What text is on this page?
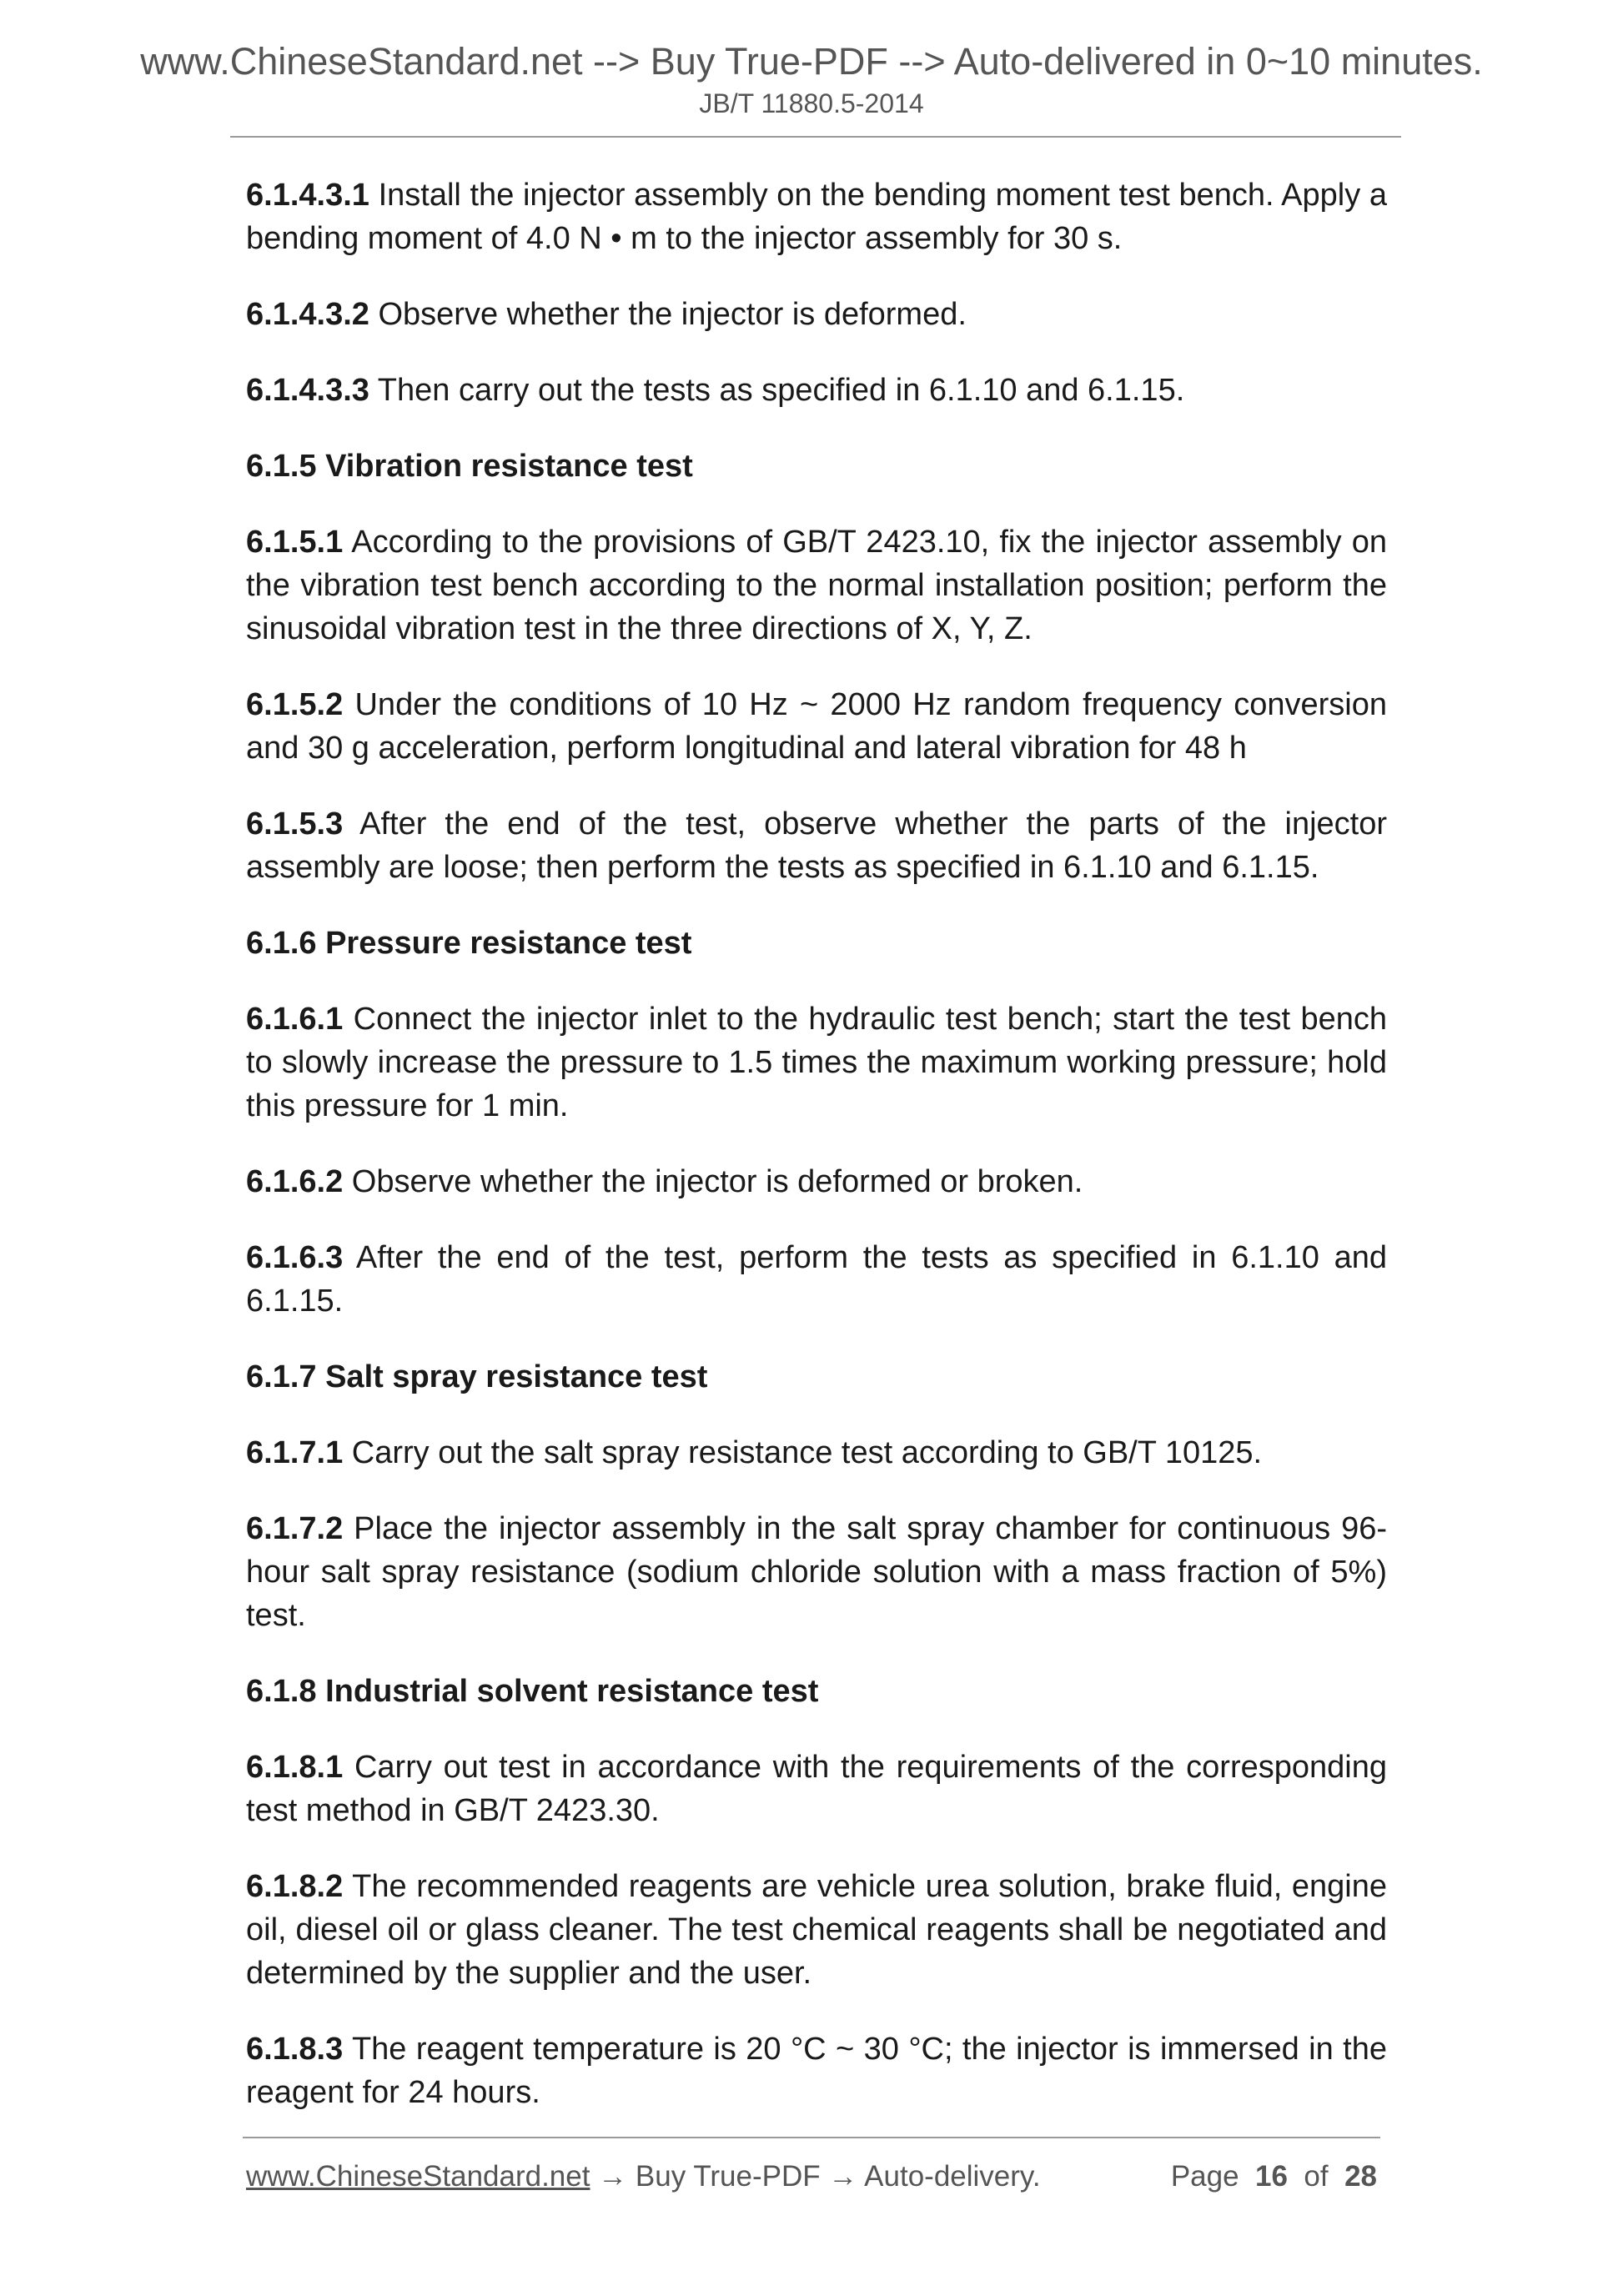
www.ChineseStandard.net --> Buy True-PDF --> Auto-delivered in 0~10 minutes.
JB/T 11880.5-2014

6.1.4.3.1 Install the injector assembly on the bending moment test bench. Apply a bending moment of 4.0 N • m to the injector assembly for 30 s.

6.1.4.3.2 Observe whether the injector is deformed.

6.1.4.3.3 Then carry out the tests as specified in 6.1.10 and 6.1.15.

6.1.5 Vibration resistance test

6.1.5.1 According to the provisions of GB/T 2423.10, fix the injector assembly on the vibration test bench according to the normal installation position; perform the sinusoidal vibration test in the three directions of X, Y, Z.

6.1.5.2 Under the conditions of 10 Hz ~ 2000 Hz random frequency conversion and 30 g acceleration, perform longitudinal and lateral vibration for 48 h

6.1.5.3 After the end of the test, observe whether the parts of the injector assembly are loose; then perform the tests as specified in 6.1.10 and 6.1.15.

6.1.6 Pressure resistance test

6.1.6.1 Connect the injector inlet to the hydraulic test bench; start the test bench to slowly increase the pressure to 1.5 times the maximum working pressure; hold this pressure for 1 min.

6.1.6.2 Observe whether the injector is deformed or broken.

6.1.6.3 After the end of the test, perform the tests as specified in 6.1.10 and 6.1.15.

6.1.7 Salt spray resistance test

6.1.7.1 Carry out the salt spray resistance test according to GB/T 10125.

6.1.7.2 Place the injector assembly in the salt spray chamber for continuous 96-hour salt spray resistance (sodium chloride solution with a mass fraction of 5%) test.

6.1.8 Industrial solvent resistance test

6.1.8.1 Carry out test in accordance with the requirements of the corresponding test method in GB/T 2423.30.

6.1.8.2 The recommended reagents are vehicle urea solution, brake fluid, engine oil, diesel oil or glass cleaner. The test chemical reagents shall be negotiated and determined by the supplier and the user.

6.1.8.3 The reagent temperature is 20 °C ~ 30 °C; the injector is immersed in the reagent for 24 hours.

www.ChineseStandard.net → Buy True-PDF → Auto-delivery.	Page 16 of 28
